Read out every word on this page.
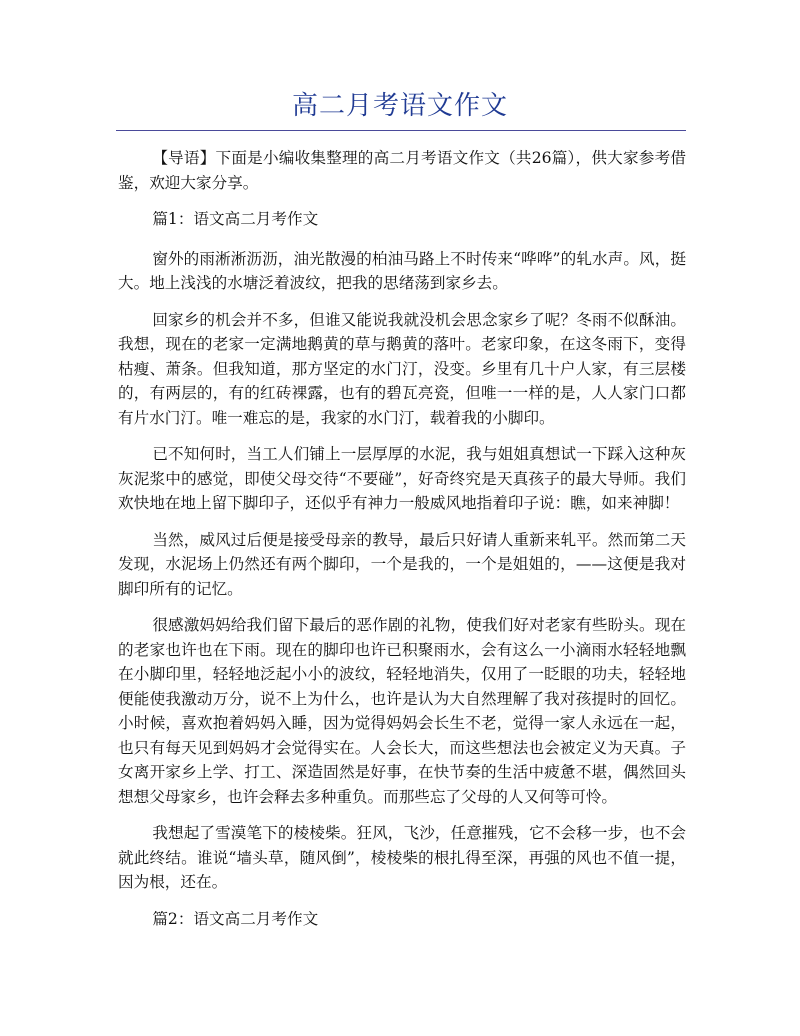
高二月考语文作文

【导语】下面是小编收集整理的高二月考语文作文（共26篇），供大家参考借鉴，欢迎大家分享。

篇1：语文高二月考作文

窗外的雨淅淅沥沥，油光散漫的柏油马路上不时传来“哗哗”的轧水声。风，挺大。地上浅浅的水塘泛着波纹，把我的思绪荡到家乡去。

回家乡的机会并不多，但谁又能说我就没机会思念家乡了呢？冬雨不似酥油。我想，现在的老家一定满地鹅黄的草与鹅黄的落叶。老家印象，在这冬雨下，变得枯瘦、萧条。但我知道，那方坚定的水门汀，没变。乡里有几十户人家，有三层楼的，有两层的，有的红砖裸露，也有的碧瓦亮瓷，但唯一一样的是，人人家门口都有片水门汀。唯一难忘的是，我家的水门汀，载着我的小脚印。

已不知何时，当工人们铺上一层厚厚的水泥，我与姐姐真想试一下踩入这种灰灰泥浆中的感觉，即使父母交待“不要碰”，好奇终究是天真孩子的最大导师。我们欢快地在地上留下脚印子，还似乎有神力一般威风地指着印子说：瞧，如来神脚！

当然，威风过后便是接受母亲的教导，最后只好请人重新来轧平。然而第二天发现，水泥场上仍然还有两个脚印，一个是我的，一个是姐姐的，——这便是我对脚印所有的记忆。

很感激妈妈给我们留下最后的恶作剧的礼物，使我们好对老家有些盼头。现在的老家也许也在下雨。现在的脚印也许已积聚雨水，会有这么一小滴雨水轻轻地飘在小脚印里，轻轻地泛起小小的波纹，轻轻地消失，仅用了一眨眼的功夫，轻轻地便能使我激动万分，说不上为什么，也许是认为大自然理解了我对孩提时的回忆。小时候，喜欢抱着妈妈入睡，因为觉得妈妈会长生不老，觉得一家人永远在一起，也只有每天见到妈妈才会觉得实在。人会长大，而这些想法也会被定义为天真。子女离开家乡上学、打工、深造固然是好事，在快节奏的生活中疲惫不堪，偶然回头想想父母家乡，也许会释去多种重负。而那些忘了父母的人又何等可怜。

我想起了雪漠笔下的棱棱柴。狂风，飞沙，任意摧残，它不会移一步，也不会就此终结。谁说“墙头草，随风倒”，棱棱柴的根扎得至深，再强的风也不值一提，因为根，还在。

篇2：语文高二月考作文
